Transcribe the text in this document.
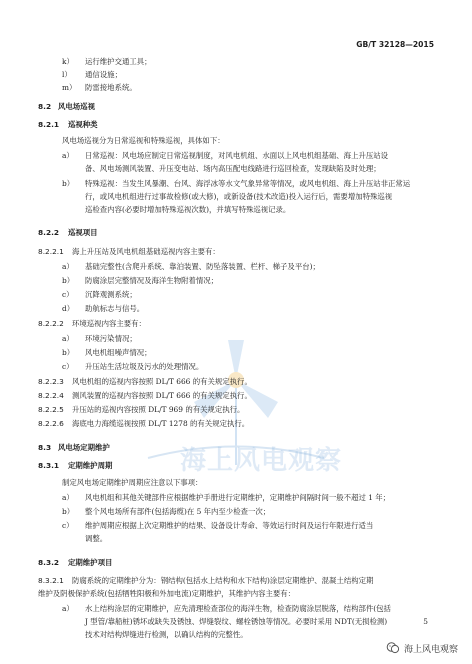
GB/T 32128—2015
海上风电观察
k） 运行维护交通工具；
l） 通信设施；
m） 防雷接地系统。
8.2 风电场巡视
8.2.1 巡视种类
风电场巡视分为日常巡视和特殊巡视，具体如下：
a） 日常巡视：风电场应制定日常巡视制度，对风电机组、水面以上风电机组基础、海上升压站设
备、风电场测风装置、升压变电站、场内高压配电线路进行巡回检查，发现缺陷及时处理；
b） 特殊巡视：当发生风暴潮、台风、海浮冰等水文气象异常等情况，或风电机组、海上升压站非正常运
行，或风电机组进行过事故检修(或大修)，或新设备(技术改造)投入运行后，需要增加特殊巡视
巡检查内容(必要时增加特殊巡视次数)，并填写特殊巡视记录。
8.2.2 巡视项目
8.2.2.1 海上升压站及风电机组基础巡视内容主要有：
a） 基础完整性(含爬升系统、靠泊装置、防坠落装置、栏杆、梯子及平台)；
b） 防腐涂层完整情况及海洋生物附着情况；
c） 沉降观测系统；
d） 助航标志与信号。
8.2.2.2 环境巡视内容主要有：
a） 环境污染情况；
b） 风电机组噪声情况；
c） 升压站生活垃圾及污水的处理情况。
8.2.2.3 风电机组的巡视内容按照 DL/T 666 的有关规定执行。
8.2.2.4 测风装置的巡视内容按照 DL/T 666 的有关规定执行。
8.2.2.5 升压站的巡视内容按照 DL/T 969 的有关规定执行。
8.2.2.6 海底电力海缆巡视按照 DL/T 1278 的有关规定执行。
8.3 风电场定期维护
8.3.1 定期维护周期
制定风电场定期维护周期应注意以下事项：
a） 风电机组和其他关键部件应根据维护手册进行定期维护，定期维护间隔时间一般不超过 1 年；
b） 整个风电场所有部件(包括海缆)在 5 年内至少检查一次；
c） 维护周期应根据上次定期维护的结果、设备设计寿命、等效运行时间及运行年限进行适当
调整。
8.3.2 定期维护项目
8.3.2.1 防腐系统的定期维护分为：钢结构(包括水上结构和水下结构)涂层定期维护、混凝土结构定期
维护及阴极保护系统(包括牺牲阳极和外加电流)定期维护，其维护内容主要有：
a） 水上结构涂层的定期维护，应先清理检查部位的海洋生物，检查防腐涂层脱落，结构部件(包括
J 型管/靠船桩)锈坏或缺失及锈蚀、焊缝裂纹、螺栓锈蚀等情况。必要时采用 NDT(无损检测)
技术对结构焊缝进行检测，以确认结构的完整性。
5
海上风电观察
